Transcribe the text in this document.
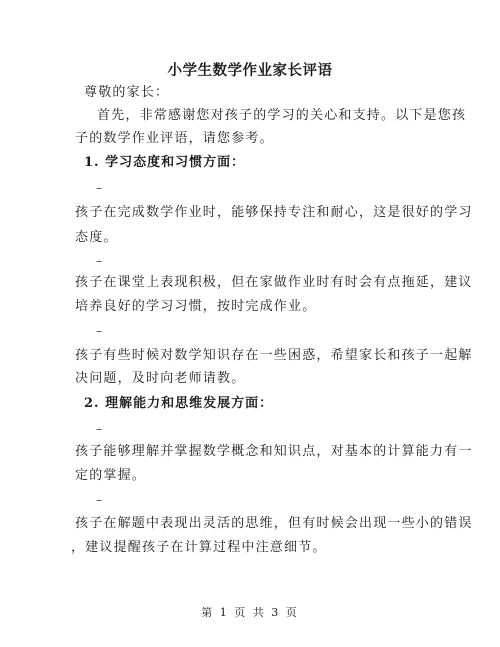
小学生数学作业家长评语
尊敬的家长：
首先，非常感谢您对孩子的学习的关心和支持。以下是您孩
子的数学作业评语，请您参考。
1. 学习态度和习惯方面：
–
孩子在完成数学作业时，能够保持专注和耐心，这是很好的学习
态度。
–
孩子在课堂上表现积极，但在家做作业时有时会有点拖延，建议
培养良好的学习习惯，按时完成作业。
–
孩子有些时候对数学知识存在一些困惑，希望家长和孩子一起解
决问题，及时向老师请教。
2. 理解能力和思维发展方面：
–
孩子能够理解并掌握数学概念和知识点，对基本的计算能力有一
定的掌握。
–
孩子在解题中表现出灵活的思维，但有时候会出现一些小的错误
，建议提醒孩子在计算过程中注意细节。
第 1 页 共 3 页
